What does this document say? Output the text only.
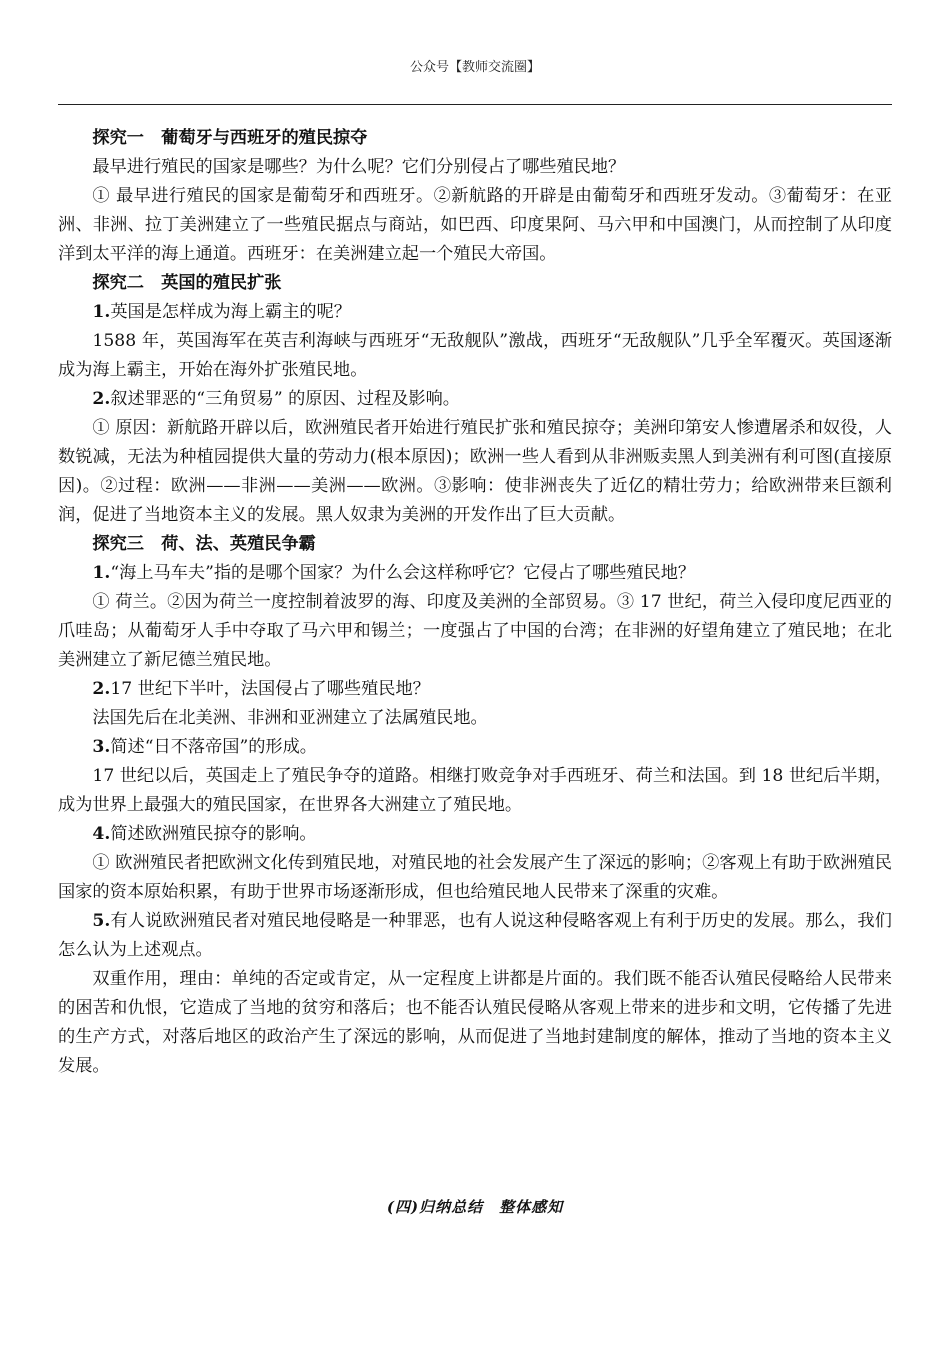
公众号【教师交流圈】

探究一　葡萄牙与西班牙的殖民掠夺

最早进行殖民的国家是哪些？为什么呢？它们分别侵占了哪些殖民地？

① 最早进行殖民的国家是葡萄牙和西班牙。②新航路的开辟是由葡萄牙和西班牙发动。③葡萄牙：在亚洲、非洲、拉丁美洲建立了一些殖民据点与商站，如巴西、印度果阿、马六甲和中国澳门，从而控制了从印度洋到太平洋的海上通道。西班牙：在美洲建立起一个殖民大帝国。

探究二　英国的殖民扩张

1.英国是怎样成为海上霸主的呢？

1588 年，英国海军在英吉利海峡与西班牙“无敌舰队”激战，西班牙“无敌舰队”几乎全军覆灭。英国逐渐成为海上霸主，开始在海外扩张殖民地。

2.叙述罪恶的“三角贸易” 的原因、过程及影响。

① 原因：新航路开辟以后，欧洲殖民者开始进行殖民扩张和殖民掠夺；美洲印第安人惨遭屠杀和奴役，人数锐减，无法为种植园提供大量的劳动力(根本原因)；欧洲一些人看到从非洲贩卖黑人到美洲有利可图(直接原因)。②过程：欧洲——非洲——美洲——欧洲。③影响：使非洲丧失了近亿的精壮劳力；给欧洲带来巨额利润，促进了当地资本主义的发展。黑人奴隶为美洲的开发作出了巨大贡献。

探究三　荷、法、英殖民争霸

1.“海上马车夫”指的是哪个国家？为什么会这样称呼它？它侵占了哪些殖民地？

① 荷兰。②因为荷兰一度控制着波罗的海、印度及美洲的全部贸易。③ 17 世纪，荷兰入侵印度尼西亚的爪哇岛；从葡萄牙人手中夺取了马六甲和锡兰；一度强占了中国的台湾；在非洲的好望角建立了殖民地；在北美洲建立了新尼德兰殖民地。

2.17 世纪下半叶，法国侵占了哪些殖民地？

法国先后在北美洲、非洲和亚洲建立了法属殖民地。

3.简述“日不落帝国”的形成。

17 世纪以后，英国走上了殖民争夺的道路。相继打败竞争对手西班牙、荷兰和法国。到 18 世纪后半期，成为世界上最强大的殖民国家，在世界各大洲建立了殖民地。

4.简述欧洲殖民掠夺的影响。

① 欧洲殖民者把欧洲文化传到殖民地，对殖民地的社会发展产生了深远的影响；②客观上有助于欧洲殖民国家的资本原始积累，有助于世界市场逐渐形成，但也给殖民地人民带来了深重的灾难。

5.有人说欧洲殖民者对殖民地侵略是一种罪恶，也有人说这种侵略客观上有利于历史的发展。那么，我们怎么认为上述观点。

双重作用，理由：单纯的否定或肯定，从一定程度上讲都是片面的。我们既不能否认殖民侵略给人民带来的困苦和仇恨，它造成了当地的贫穷和落后；也不能否认殖民侵略从客观上带来的进步和文明，它传播了先进的生产方式，对落后地区的政治产生了深远的影响，从而促进了当地封建制度的解体，推动了当地的资本主义发展。

(四)归纳总结　整体感知
